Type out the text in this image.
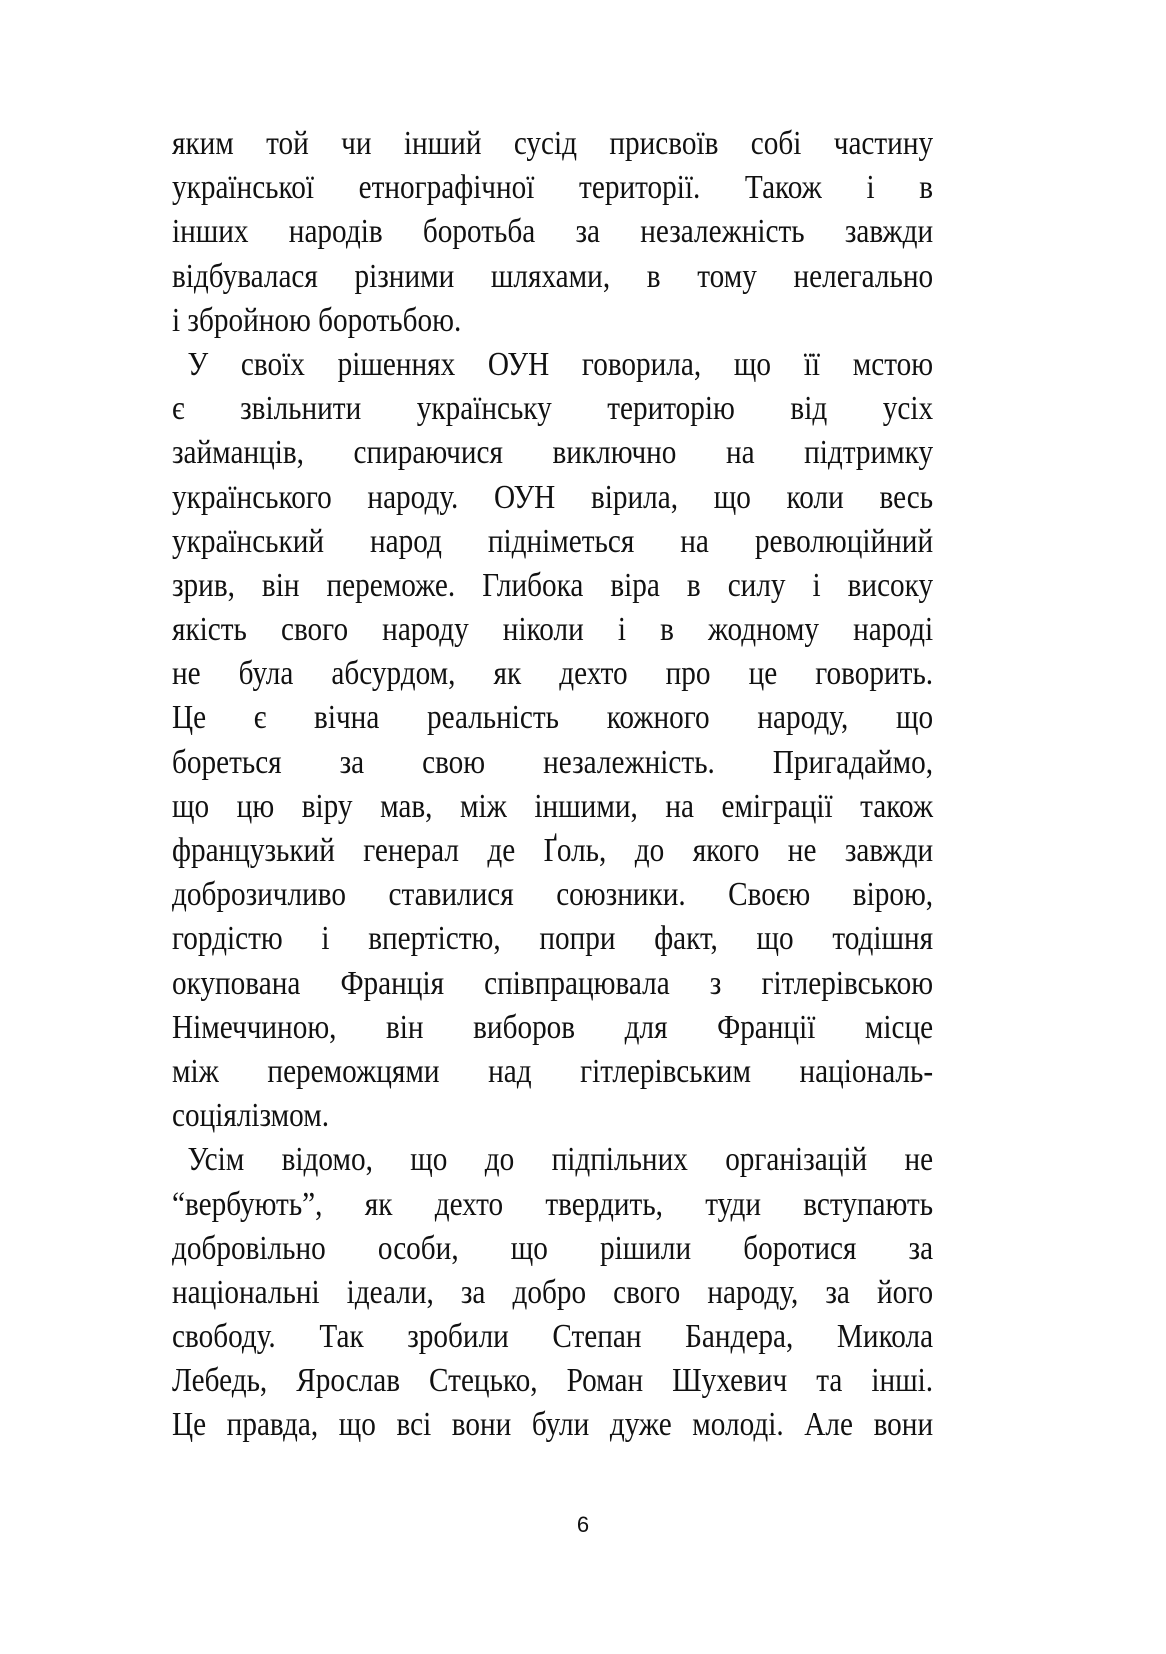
яким той чи інший сусід присвоїв собі частину
української етнографічної території. Також і в
інших народів боротьба за незалежність завжди
відбувалася різними шляхами, в тому нелегально
і збройною боротьбою.
У своїх рішеннях ОУН говорила, що її мстою
є звільнити українську територію від усіх
займанців, спираючися виключно на підтримку
українського народу. ОУН вірила, що коли весь
український народ підніметься на революційний
зрив, він переможе. Глибока віра в силу і високу
якість свого народу ніколи і в жодному народі
не була абсурдом, як дехто про це говорить.
Це є вічна реальність кожного народу, що
бореться за свою незалежність. Пригадаймо,
що цю віру мав, між іншими, на еміграції також
французький генерал де Ґоль, до якого не завжди
доброзичливо ставилися союзники. Своєю вірою,
гордістю і впертістю, попри факт, що тодішня
окупована Франція співпрацювала з гітлерівською
Німеччиною, він виборов для Франції місце
між переможцями над гітлерівським національ-
соціялізмом.
Усім відомо, що до підпільних організацій не
“вербують”, як дехто твердить, туди вступають
добровільно особи, що рішили боротися за
національні ідеали, за добро свого народу, за його
свободу. Так зробили Степан Бандера, Микола
Лебедь, Ярослав Стецько, Роман Шухевич та інші.
Це правда, що всі вони були дуже молоді. Але вони
6
